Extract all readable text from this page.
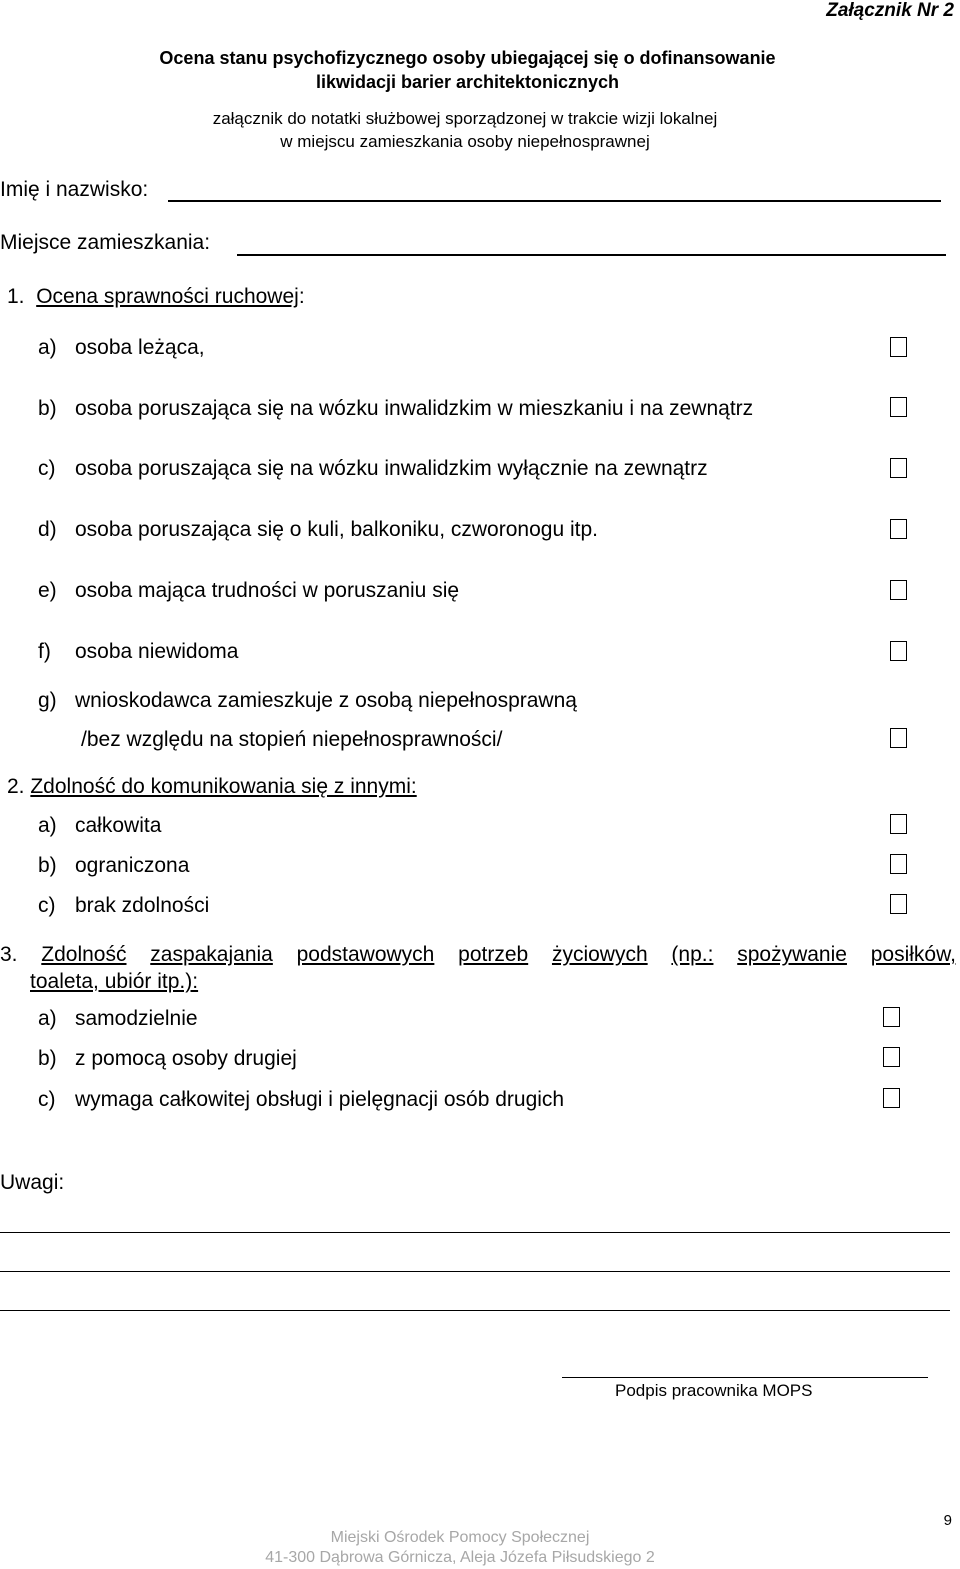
Załącznik Nr 2
Ocena stanu psychofizycznego osoby ubiegającej się o dofinansowanie
likwidacji barier architektonicznych
załącznik do notatki służbowej sporządzonej w trakcie wizji lokalnej
w miejscu zamieszkania osoby niepełnosprawnej
Imię i nazwisko:
Miejsce zamieszkania:
1. Ocena sprawności ruchowej:
a) osoba leżąca,
b) osoba poruszająca się na wózku inwalidzkim w mieszkaniu i na zewnątrz
c) osoba poruszająca się na wózku inwalidzkim wyłącznie na zewnątrz
d) osoba poruszająca się o kuli, balkoniku, czworonogu itp.
e) osoba mająca trudności w poruszaniu się
f) osoba niewidoma
g) wnioskodawca zamieszkuje z osobą niepełnosprawną
/bez względu na stopień niepełnosprawności/
2. Zdolność do komunikowania się z innymi:
a) całkowita
b) ograniczona
c) brak zdolności
3. Zdolność zaspakajania podstawowych potrzeb życiowych (np.: spożywanie posiłków,
toaleta, ubiór itp.):
a) samodzielnie
b) z pomocą osoby drugiej
c) wymaga całkowitej obsługi i pielęgnacji osób drugich
Uwagi:
Podpis pracownika MOPS
9
Miejski Ośrodek Pomocy Społecznej
41-300 Dąbrowa Górnicza, Aleja Józefa Piłsudskiego 2
